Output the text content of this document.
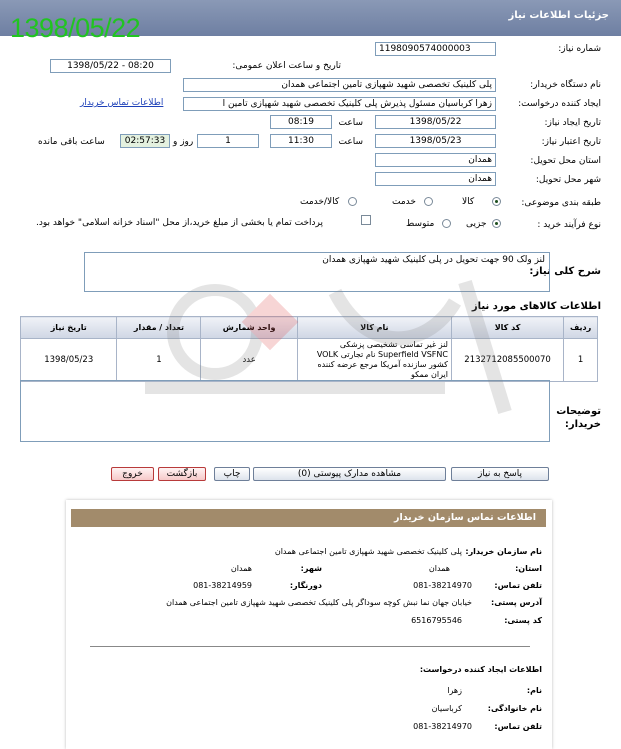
جزئیات اطلاعات نیاز
1398/05/22
شماره نیاز:
1198090574000003
تاریخ و ساعت اعلان عمومی:
1398/05/22 - 08:20
نام دستگاه خریدار:
پلی کلینیک تخصصی شهید شهپازی تامین اجتماعی همدان
ایجاد کننده درخواست:
زهرا کرباسیان مسئول پذیرش پلی کلینیک تخصصی شهید شهپازی تامین ا
اطلاعات تماس خریدار
تاریخ ایجاد نیاز:
1398/05/22
ساعت
08:19
تاریخ اعتبار نیاز:
1398/05/23
ساعت
11:30
1
روز و
02:57:33
ساعت باقی مانده
استان محل تحویل:
همدان
شهر محل تحویل:
همدان
طبقه بندی موضوعی:
کالا
خدمت
کالا/خدمت
نوع فرآیند خرید :
جزیی
متوسط
پرداخت تمام یا بخشی از مبلغ خرید،از محل "اسناد خزانه اسلامی" خواهد بود.
شرح کلی نیاز:
لنز ولک 90 جهت تحویل در پلی کلینیک شهید شهپازی همدان
اطلاعات کالاهای مورد نیاز
تاریخ نیاز	تعداد / مقدار	واحد شمارش	نام کالا	کد کالا	ردیف
1398/05/23	1	عدد	لنز غیر تماسی تشخیصی پزشکی Superfield VSFNC نام تجارتی VOLK کشور سازنده آمریکا مرجع عرضه کننده ایران ممکو	2132712085500070	1
توضیحات خریدار:
پاسخ به نیاز
مشاهده مدارک پیوستی (0)
چاپ
بازگشت
خروج
اطلاعات تماس سازمان خریدار
نام سازمان خریدار:
پلی کلینیک تخصصی شهید شهپازی تامین اجتماعی همدان
استان:
همدان
شهر:
همدان
تلفن تماس:
081-38214970
دورنگار:
081-38214959
آدرس پستی:
خیابان جهان نما نبش کوچه سوداگر پلی کلینیک تخصصی شهید شهپازی تامین اجتماعی همدان
کد پستی:
6516795546
اطلاعات ایجاد کننده درخواست:
نام:
زهرا
نام خانوادگی:
کرباسیان
تلفن تماس:
081-38214970
